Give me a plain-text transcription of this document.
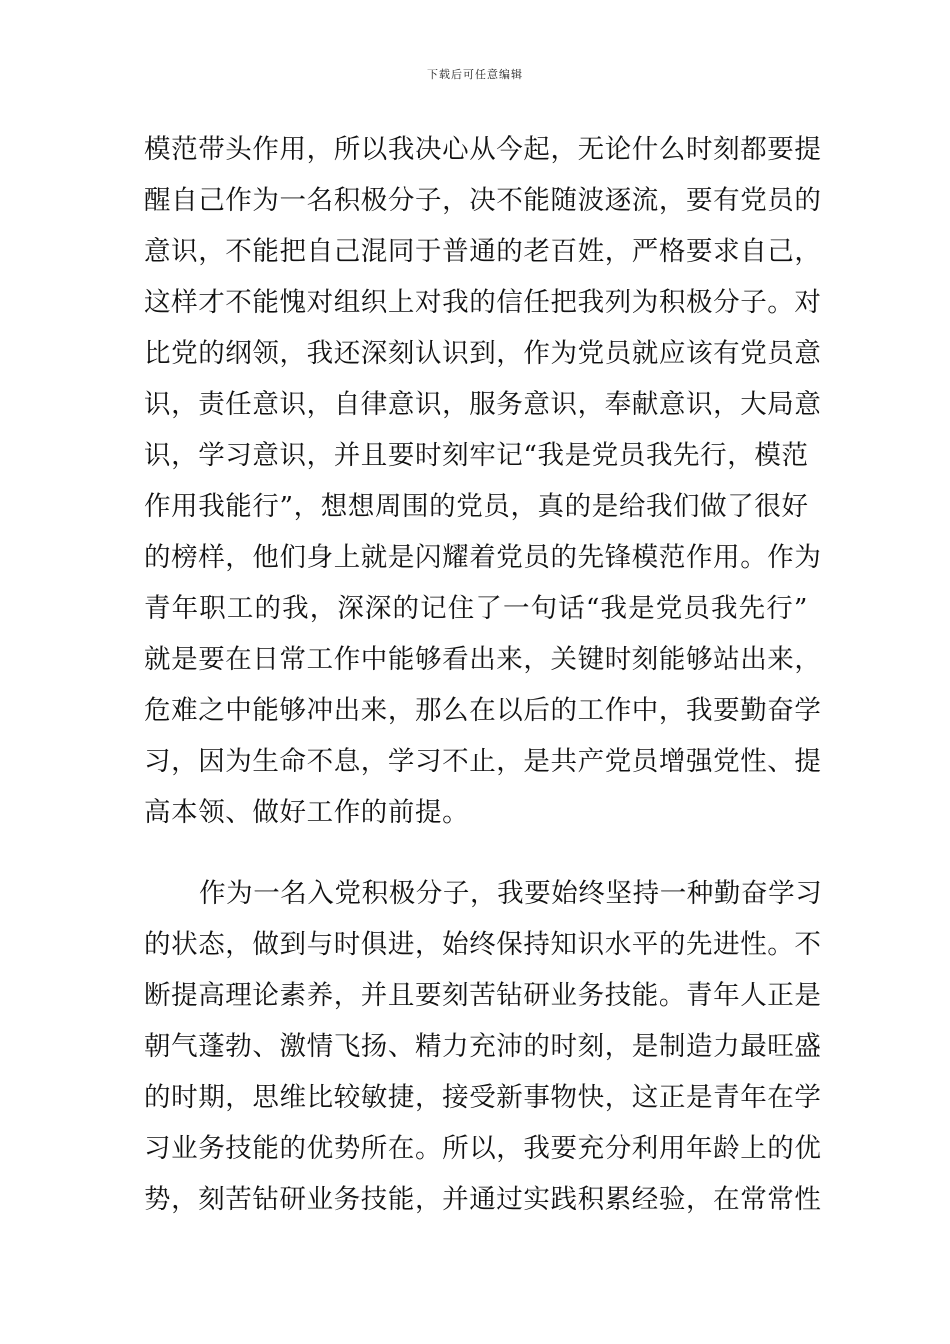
下载后可任意编辑
模范带头作用，所以我决心从今起，无论什么时刻都要提
醒自己作为一名积极分子，决不能随波逐流，要有党员的
意识，不能把自己混同于普通的老百姓，严格要求自己，
这样才不能愧对组织上对我的信任把我列为积极分子。对
比党的纲领，我还深刻认识到，作为党员就应该有党员意
识，责任意识，自律意识，服务意识，奉献意识，大局意
识，学习意识，并且要时刻牢记“我是党员我先行，模范
作用我能行”，想想周围的党员，真的是给我们做了很好
的榜样，他们身上就是闪耀着党员的先锋模范作用。作为
青年职工的我，深深的记住了一句话“我是党员我先行”
就是要在日常工作中能够看出来，关键时刻能够站出来，
危难之中能够冲出来，那么在以后的工作中，我要勤奋学
习，因为生命不息，学习不止，是共产党员增强党性、提
高本领、做好工作的前提。
作为一名入党积极分子，我要始终坚持一种勤奋学习
的状态，做到与时俱进，始终保持知识水平的先进性。不
断提高理论素养，并且要刻苦钻研业务技能。青年人正是
朝气蓬勃、激情飞扬、精力充沛的时刻，是制造力最旺盛
的时期，思维比较敏捷，接受新事物快，这正是青年在学
习业务技能的优势所在。所以，我要充分利用年龄上的优
势，刻苦钻研业务技能，并通过实践积累经验，在常常性
